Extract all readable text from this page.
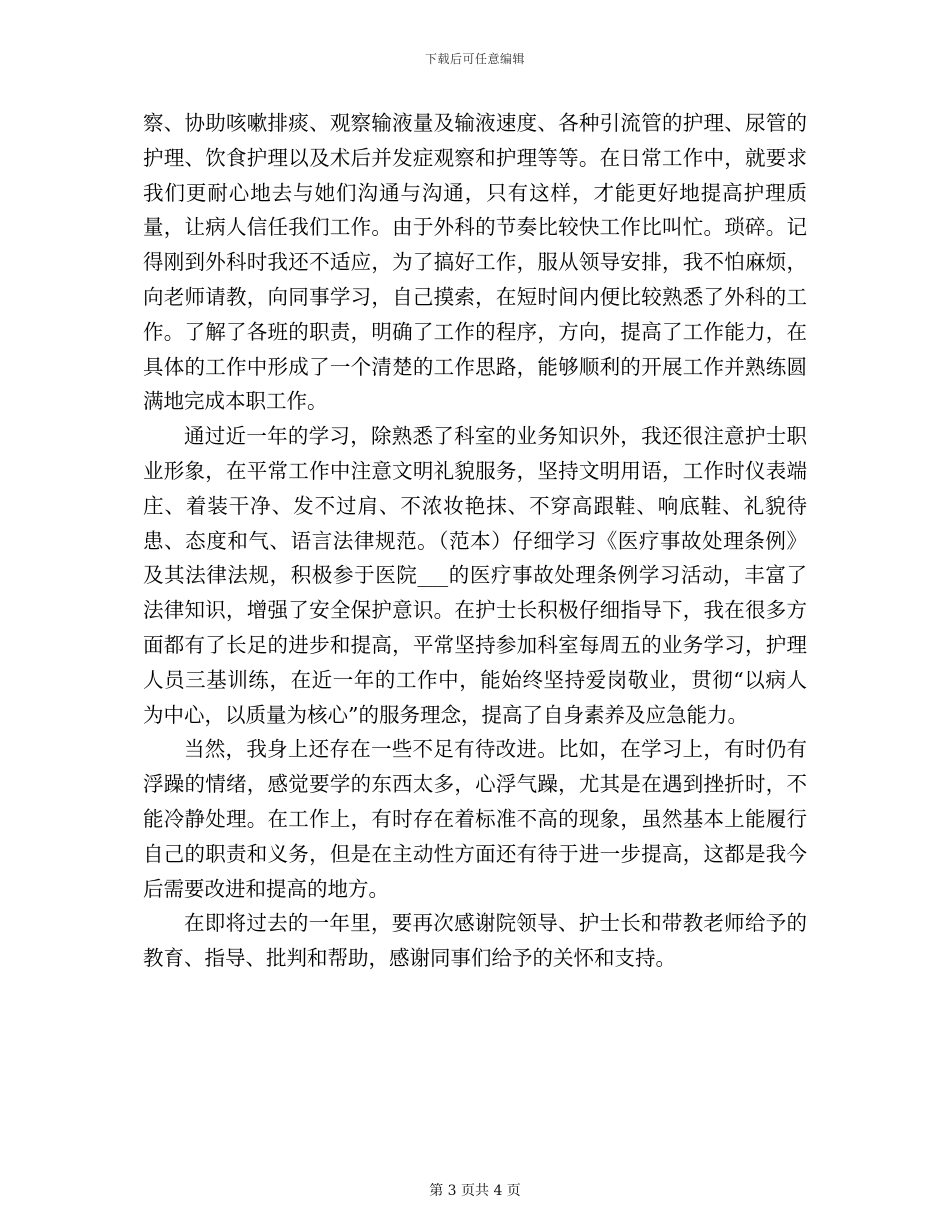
下载后可任意编辑

察、协助咳嗽排痰、观察输液量及输液速度、各种引流管的护理、尿管的护理、饮食护理以及术后并发症观察和护理等等。在日常工作中，就要求我们更耐心地去与她们沟通与沟通，只有这样，才能更好地提高护理质量，让病人信任我们工作。由于外科的节奏比较快工作比叫忙。琐碎。记得刚到外科时我还不适应，为了搞好工作，服从领导安排，我不怕麻烦，向老师请教，向同事学习，自己摸索，在短时间内便比较熟悉了外科的工作。了解了各班的职责，明确了工作的程序，方向，提高了工作能力，在具体的工作中形成了一个清楚的工作思路，能够顺利的开展工作并熟练圆满地完成本职工作。

通过近一年的学习，除熟悉了科室的业务知识外，我还很注意护士职业形象，在平常工作中注意文明礼貌服务，坚持文明用语，工作时仪表端庄、着装干净、发不过肩、不浓妆艳抹、不穿高跟鞋、响底鞋、礼貌待患、态度和气、语言法律规范。（范本）仔细学习《医疗事故处理条例》及其法律法规，积极参于医院___的医疗事故处理条例学习活动，丰富了法律知识，增强了安全保护意识。在护士长积极仔细指导下，我在很多方面都有了长足的进步和提高，平常坚持参加科室每周五的业务学习，护理人员三基训练，在近一年的工作中，能始终坚持爱岗敬业，贯彻“以病人为中心，以质量为核心”的服务理念，提高了自身素养及应急能力。

当然，我身上还存在一些不足有待改进。比如，在学习上，有时仍有浮躁的情绪，感觉要学的东西太多，心浮气躁，尤其是在遇到挫折时，不能冷静处理。在工作上，有时存在着标准不高的现象，虽然基本上能履行自己的职责和义务，但是在主动性方面还有待于进一步提高，这都是我今后需要改进和提高的地方。

在即将过去的一年里，要再次感谢院领导、护士长和带教老师给予的教育、指导、批判和帮助，感谢同事们给予的关怀和支持。

第 3 页共 4 页
